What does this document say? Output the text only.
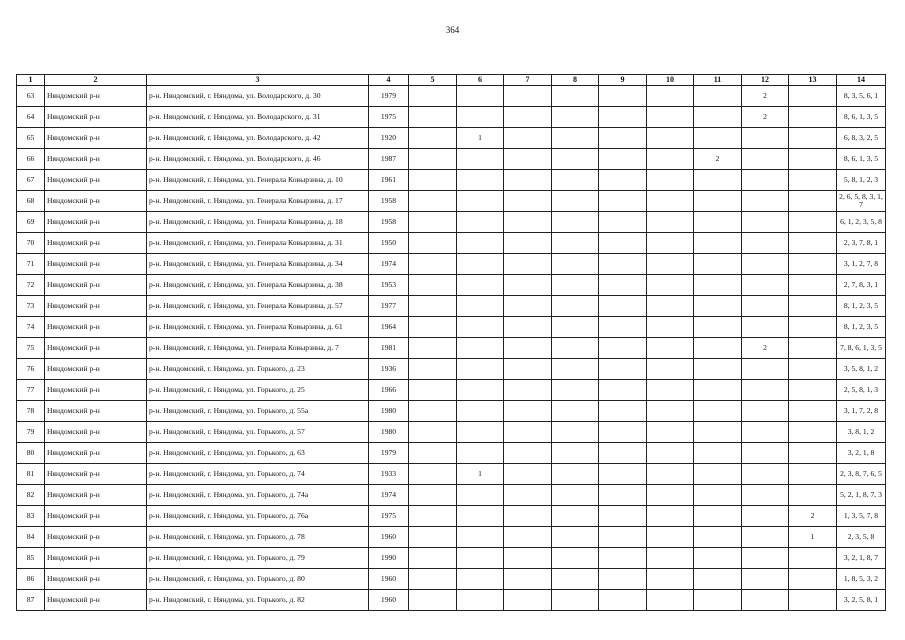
364
1	2	3	4	5	6	7	8	9	10	11	12	13	14
63	Няндомский р-н	р-н. Няндомский, г. Няндома, ул. Володарского, д. 30	1979								2		8, 3, 5, 6, 1
64	Няндомский р-н	р-н. Няндомский, г. Няндома, ул. Володарского, д. 31	1975								2		8, 6, 1, 3, 5
65	Няндомский р-н	р-н. Няндомский, г. Няндома, ул. Володарского, д. 42	1920		1								6, 8, 3, 2, 5
66	Няндомский р-н	р-н. Няндомский, г. Няндома, ул. Володарского, д. 46	1987							2			8, 6, 1, 3, 5
67	Няндомский р-н	р-н. Няндомский, г. Няндома, ул. Генерала Ковырзина, д. 10	1961										5, 8, 1, 2, 3
68	Няндомский р-н	р-н. Няндомский, г. Няндома, ул. Генерала Ковырзина, д. 17	1958										2, 6, 5, 8, 3, 1, 7
69	Няндомский р-н	р-н. Няндомский, г. Няндома, ул. Генерала Ковырзина, д. 18	1958										6, 1, 2, 3, 5, 8
70	Няндомский р-н	р-н. Няндомский, г. Няндома, ул. Генерала Ковырзина, д. 31	1950										2, 3, 7, 8, 1
71	Няндомский р-н	р-н. Няндомский, г. Няндома, ул. Генерала Ковырзина, д. 34	1974										3, 1, 2, 7, 8
72	Няндомский р-н	р-н. Няндомский, г. Няндома, ул. Генерала Ковырзина, д. 38	1953										2, 7, 8, 3, 1
73	Няндомский р-н	р-н. Няндомский, г. Няндома, ул. Генерала Ковырзина, д. 57	1977										8, 1, 2, 3, 5
74	Няндомский р-н	р-н. Няндомский, г. Няндома, ул. Генерала Ковырзина, д. 61	1964										8, 1, 2, 3, 5
75	Няндомский р-н	р-н. Няндомский, г. Няндома, ул. Генерала Ковырзина, д. 7	1981								2		7, 8, 6, 1, 3, 5
76	Няндомский р-н	р-н. Няндомский, г. Няндома, ул. Горького, д. 23	1936										3, 5, 8, 1, 2
77	Няндомский р-н	р-н. Няндомский, г. Няндома, ул. Горького, д. 25	1966										2, 5, 8, 1, 3
78	Няндомский р-н	р-н. Няндомский, г. Няндома, ул. Горького, д. 55а	1980										3, 1, 7, 2, 8
79	Няндомский р-н	р-н. Няндомский, г. Няндома, ул. Горького, д. 57	1980										3, 8, 1, 2
80	Няндомский р-н	р-н. Няндомский, г. Няндома, ул. Горького, д. 63	1979										3, 2, 1, 8
81	Няндомский р-н	р-н. Няндомский, г. Няндома, ул. Горького, д. 74	1933		1								2, 3, 8, 7, 6, 5
82	Няндомский р-н	р-н. Няндомский, г. Няндома, ул. Горького, д. 74а	1974										5, 2, 1, 8, 7, 3
83	Няндомский р-н	р-н. Няндомский, г. Няндома, ул. Горького, д. 76а	1975									2	1, 3, 5, 7, 8
84	Няндомский р-н	р-н. Няндомский, г. Няндома, ул. Горького, д. 78	1960									1	2, 3, 5, 8
85	Няндомский р-н	р-н. Няндомский, г. Няндома, ул. Горького, д. 79	1990										3, 2, 1, 8, 7
86	Няндомский р-н	р-н. Няндомский, г. Няндома, ул. Горького, д. 80	1960										1, 8, 5, 3, 2
87	Няндомский р-н	р-н. Няндомский, г. Няндома, ул. Горького, д. 82	1960										3, 2, 5, 8, 1
